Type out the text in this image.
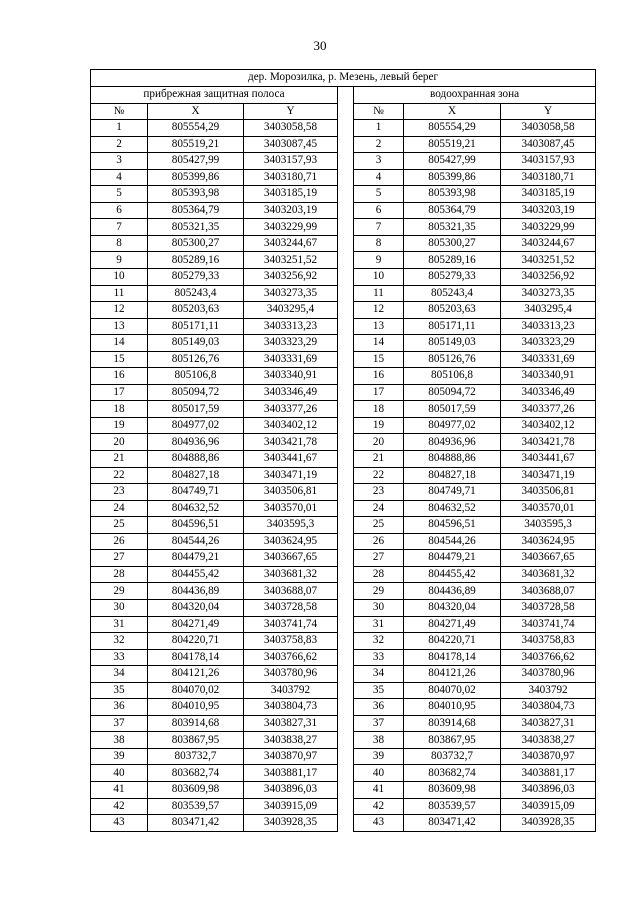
30
дер. Морозилка, р. Мезень, левый берег						
прибрежная защитная полоса				водоохранная зона		
№	X	Y		№	X	Y
1	805554,29	3403058,58		1	805554,29	3403058,58
2	805519,21	3403087,45		2	805519,21	3403087,45
3	805427,99	3403157,93		3	805427,99	3403157,93
4	805399,86	3403180,71		4	805399,86	3403180,71
5	805393,98	3403185,19		5	805393,98	3403185,19
6	805364,79	3403203,19		6	805364,79	3403203,19
7	805321,35	3403229,99		7	805321,35	3403229,99
8	805300,27	3403244,67		8	805300,27	3403244,67
9	805289,16	3403251,52		9	805289,16	3403251,52
10	805279,33	3403256,92		10	805279,33	3403256,92
11	805243,4	3403273,35		11	805243,4	3403273,35
12	805203,63	3403295,4		12	805203,63	3403295,4
13	805171,11	3403313,23		13	805171,11	3403313,23
14	805149,03	3403323,29		14	805149,03	3403323,29
15	805126,76	3403331,69		15	805126,76	3403331,69
16	805106,8	3403340,91		16	805106,8	3403340,91
17	805094,72	3403346,49		17	805094,72	3403346,49
18	805017,59	3403377,26		18	805017,59	3403377,26
19	804977,02	3403402,12		19	804977,02	3403402,12
20	804936,96	3403421,78		20	804936,96	3403421,78
21	804888,86	3403441,67		21	804888,86	3403441,67
22	804827,18	3403471,19		22	804827,18	3403471,19
23	804749,71	3403506,81		23	804749,71	3403506,81
24	804632,52	3403570,01		24	804632,52	3403570,01
25	804596,51	3403595,3		25	804596,51	3403595,3
26	804544,26	3403624,95		26	804544,26	3403624,95
27	804479,21	3403667,65		27	804479,21	3403667,65
28	804455,42	3403681,32		28	804455,42	3403681,32
29	804436,89	3403688,07		29	804436,89	3403688,07
30	804320,04	3403728,58		30	804320,04	3403728,58
31	804271,49	3403741,74		31	804271,49	3403741,74
32	804220,71	3403758,83		32	804220,71	3403758,83
33	804178,14	3403766,62		33	804178,14	3403766,62
34	804121,26	3403780,96		34	804121,26	3403780,96
35	804070,02	3403792		35	804070,02	3403792
36	804010,95	3403804,73		36	804010,95	3403804,73
37	803914,68	3403827,31		37	803914,68	3403827,31
38	803867,95	3403838,27		38	803867,95	3403838,27
39	803732,7	3403870,97		39	803732,7	3403870,97
40	803682,74	3403881,17		40	803682,74	3403881,17
41	803609,98	3403896,03		41	803609,98	3403896,03
42	803539,57	3403915,09		42	803539,57	3403915,09
43	803471,42	3403928,35		43	803471,42	3403928,35
